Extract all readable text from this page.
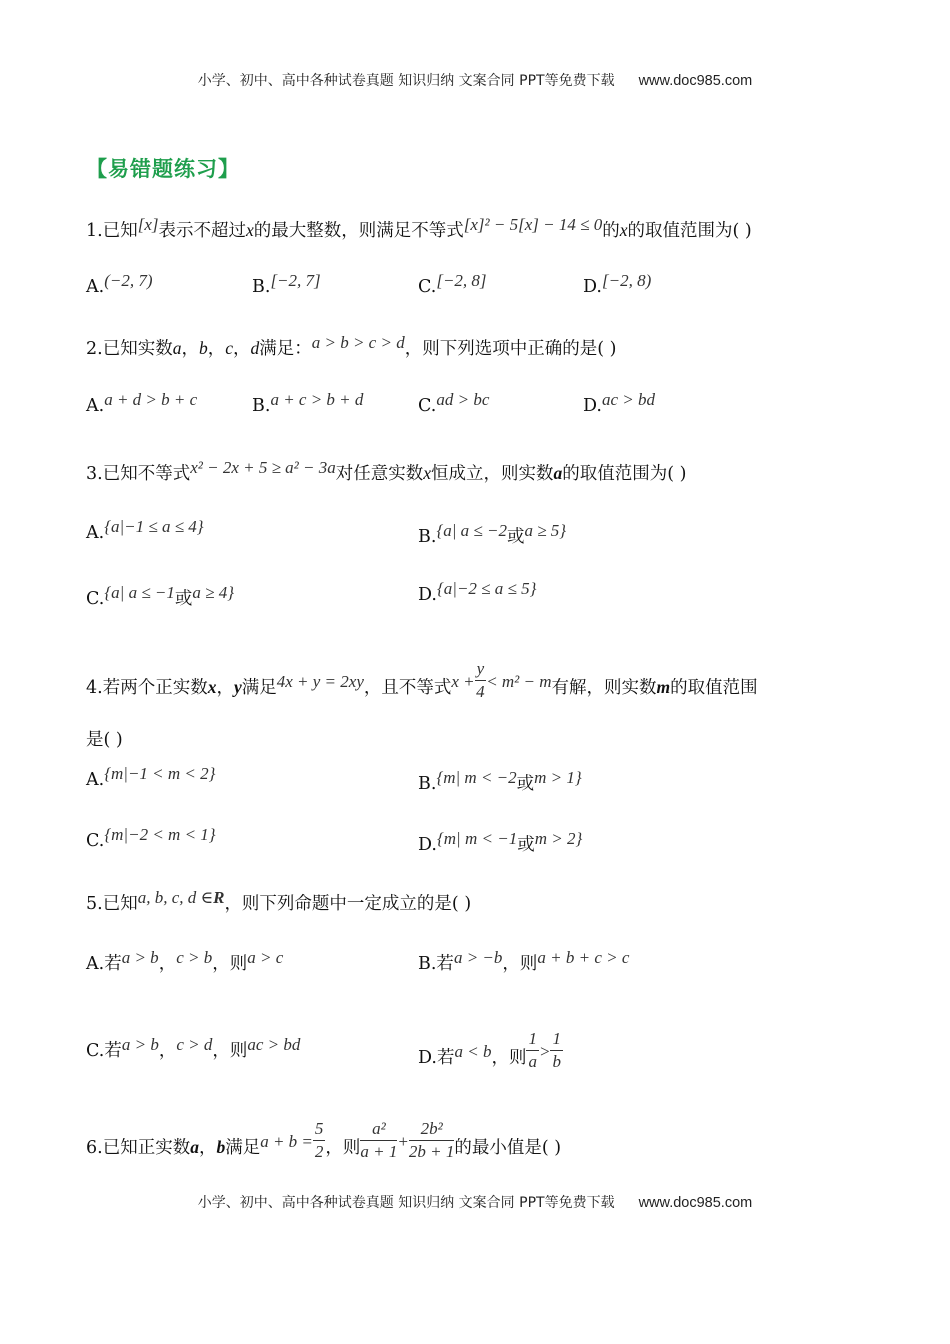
小学、初中、高中各种试卷真题 知识归纳 文案合同 PPT等免费下载 www.doc985.com
【易错题练习】
1.已知[x]表示不超过x的最大整数，则满足不等式[x]² − 5[x] − 14 ≤ 0的x的取值范围为( )
A.(−2, 7)	B.[−2, 7]	C.[−2, 8]	D.[−2, 8)
2.已知实数a，b，c，d满足：a > b > c > d，则下列选项中正确的是( )
A.a + d > b + c	B.a + c > b + d	C.ad > bc	D.ac > bd
3.已知不等式x² − 2x + 5 ≥ a² − 3a对任意实数x恒成立，则实数a的取值范围为( )
A.{a|−1 ≤ a ≤ 4}
B.{a| a ≤ −2或a ≥ 5}
C.{a| a ≤ −1或a ≥ 4}	D.{a|−2 ≤ a ≤ 5}
4.若两个正实数x，y满足4x + y = 2xy，且不等式$x + \frac{y}{4} < m^2 - m$有解，则实数m的取值范围
是( )
A.{m|−1 < m < 2}
B.{m| m < −2或m > 1}
C.{m|−2 < m < 1}
D.{m| m < −1或m > 2}
5.已知a, b, c, d ∈R，则下列命题中一定成立的是( )
A.若a > b，c > b，则a > c	B.若a > −b，则a + b + c > c
C.若a > b，c > d，则ac > bd
D.若a < b，则 $\frac{1}{a} > \frac{1}{b}$
6.已知正实数a，b满足$a + b = \frac{5}{2}$ ，则 $\frac{\text{a²}}{a + 1} + \frac{\text{2b²}}{2b + 1}$ 的最小值是( )
小学、初中、高中各种试卷真题 知识归纳 文案合同 PPT等免费下载 www.doc985.com
